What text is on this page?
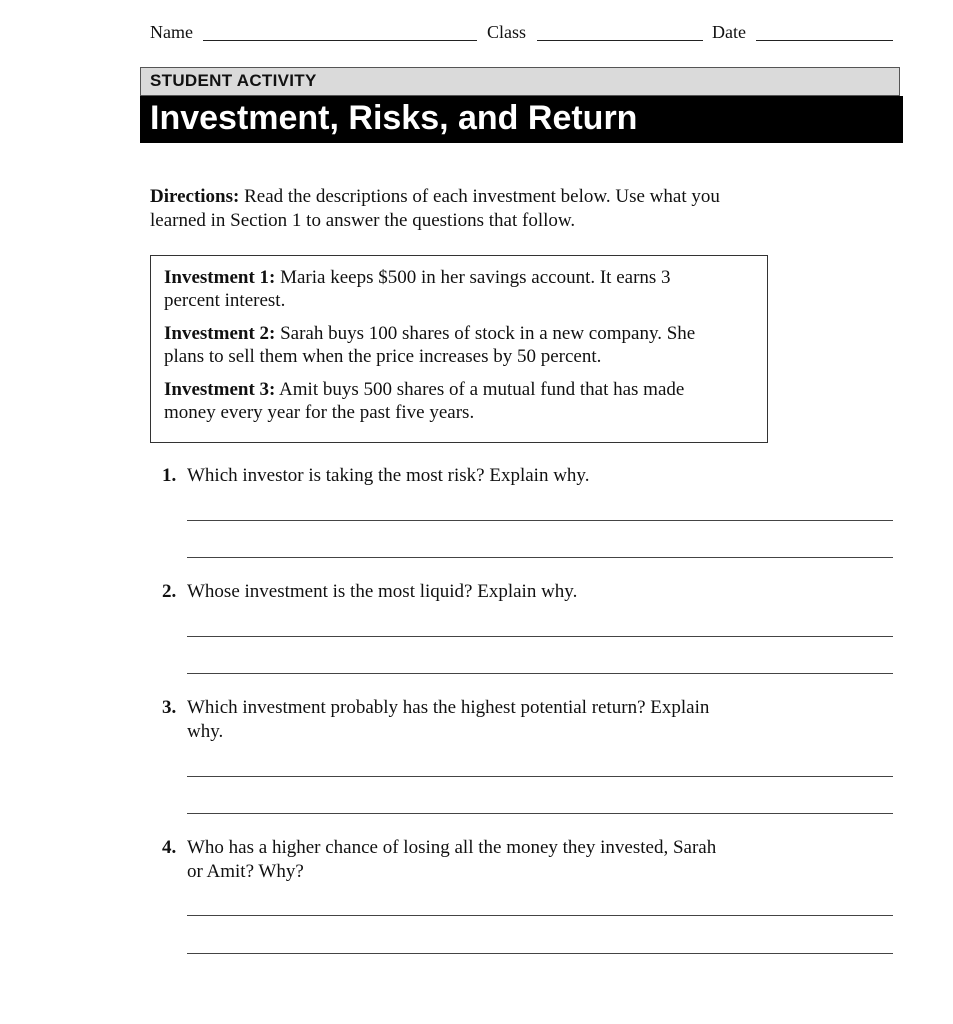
Name	Class	Date
STUDENT ACTIVITY
Investment, Risks, and Return
Directions: Read the descriptions of each investment below. Use what you learned in Section 1 to answer the questions that follow.
Investment 1: Maria keeps $500 in her savings account. It earns 3 percent interest.
Investment 2: Sarah buys 100 shares of stock in a new company. She plans to sell them when the price increases by 50 percent.
Investment 3: Amit buys 500 shares of a mutual fund that has made money every year for the past five years.
1. Which investor is taking the most risk? Explain why.
2. Whose investment is the most liquid? Explain why.
3. Which investment probably has the highest potential return? Explain why.
4. Who has a higher chance of losing all the money they invested, Sarah or Amit? Why?
